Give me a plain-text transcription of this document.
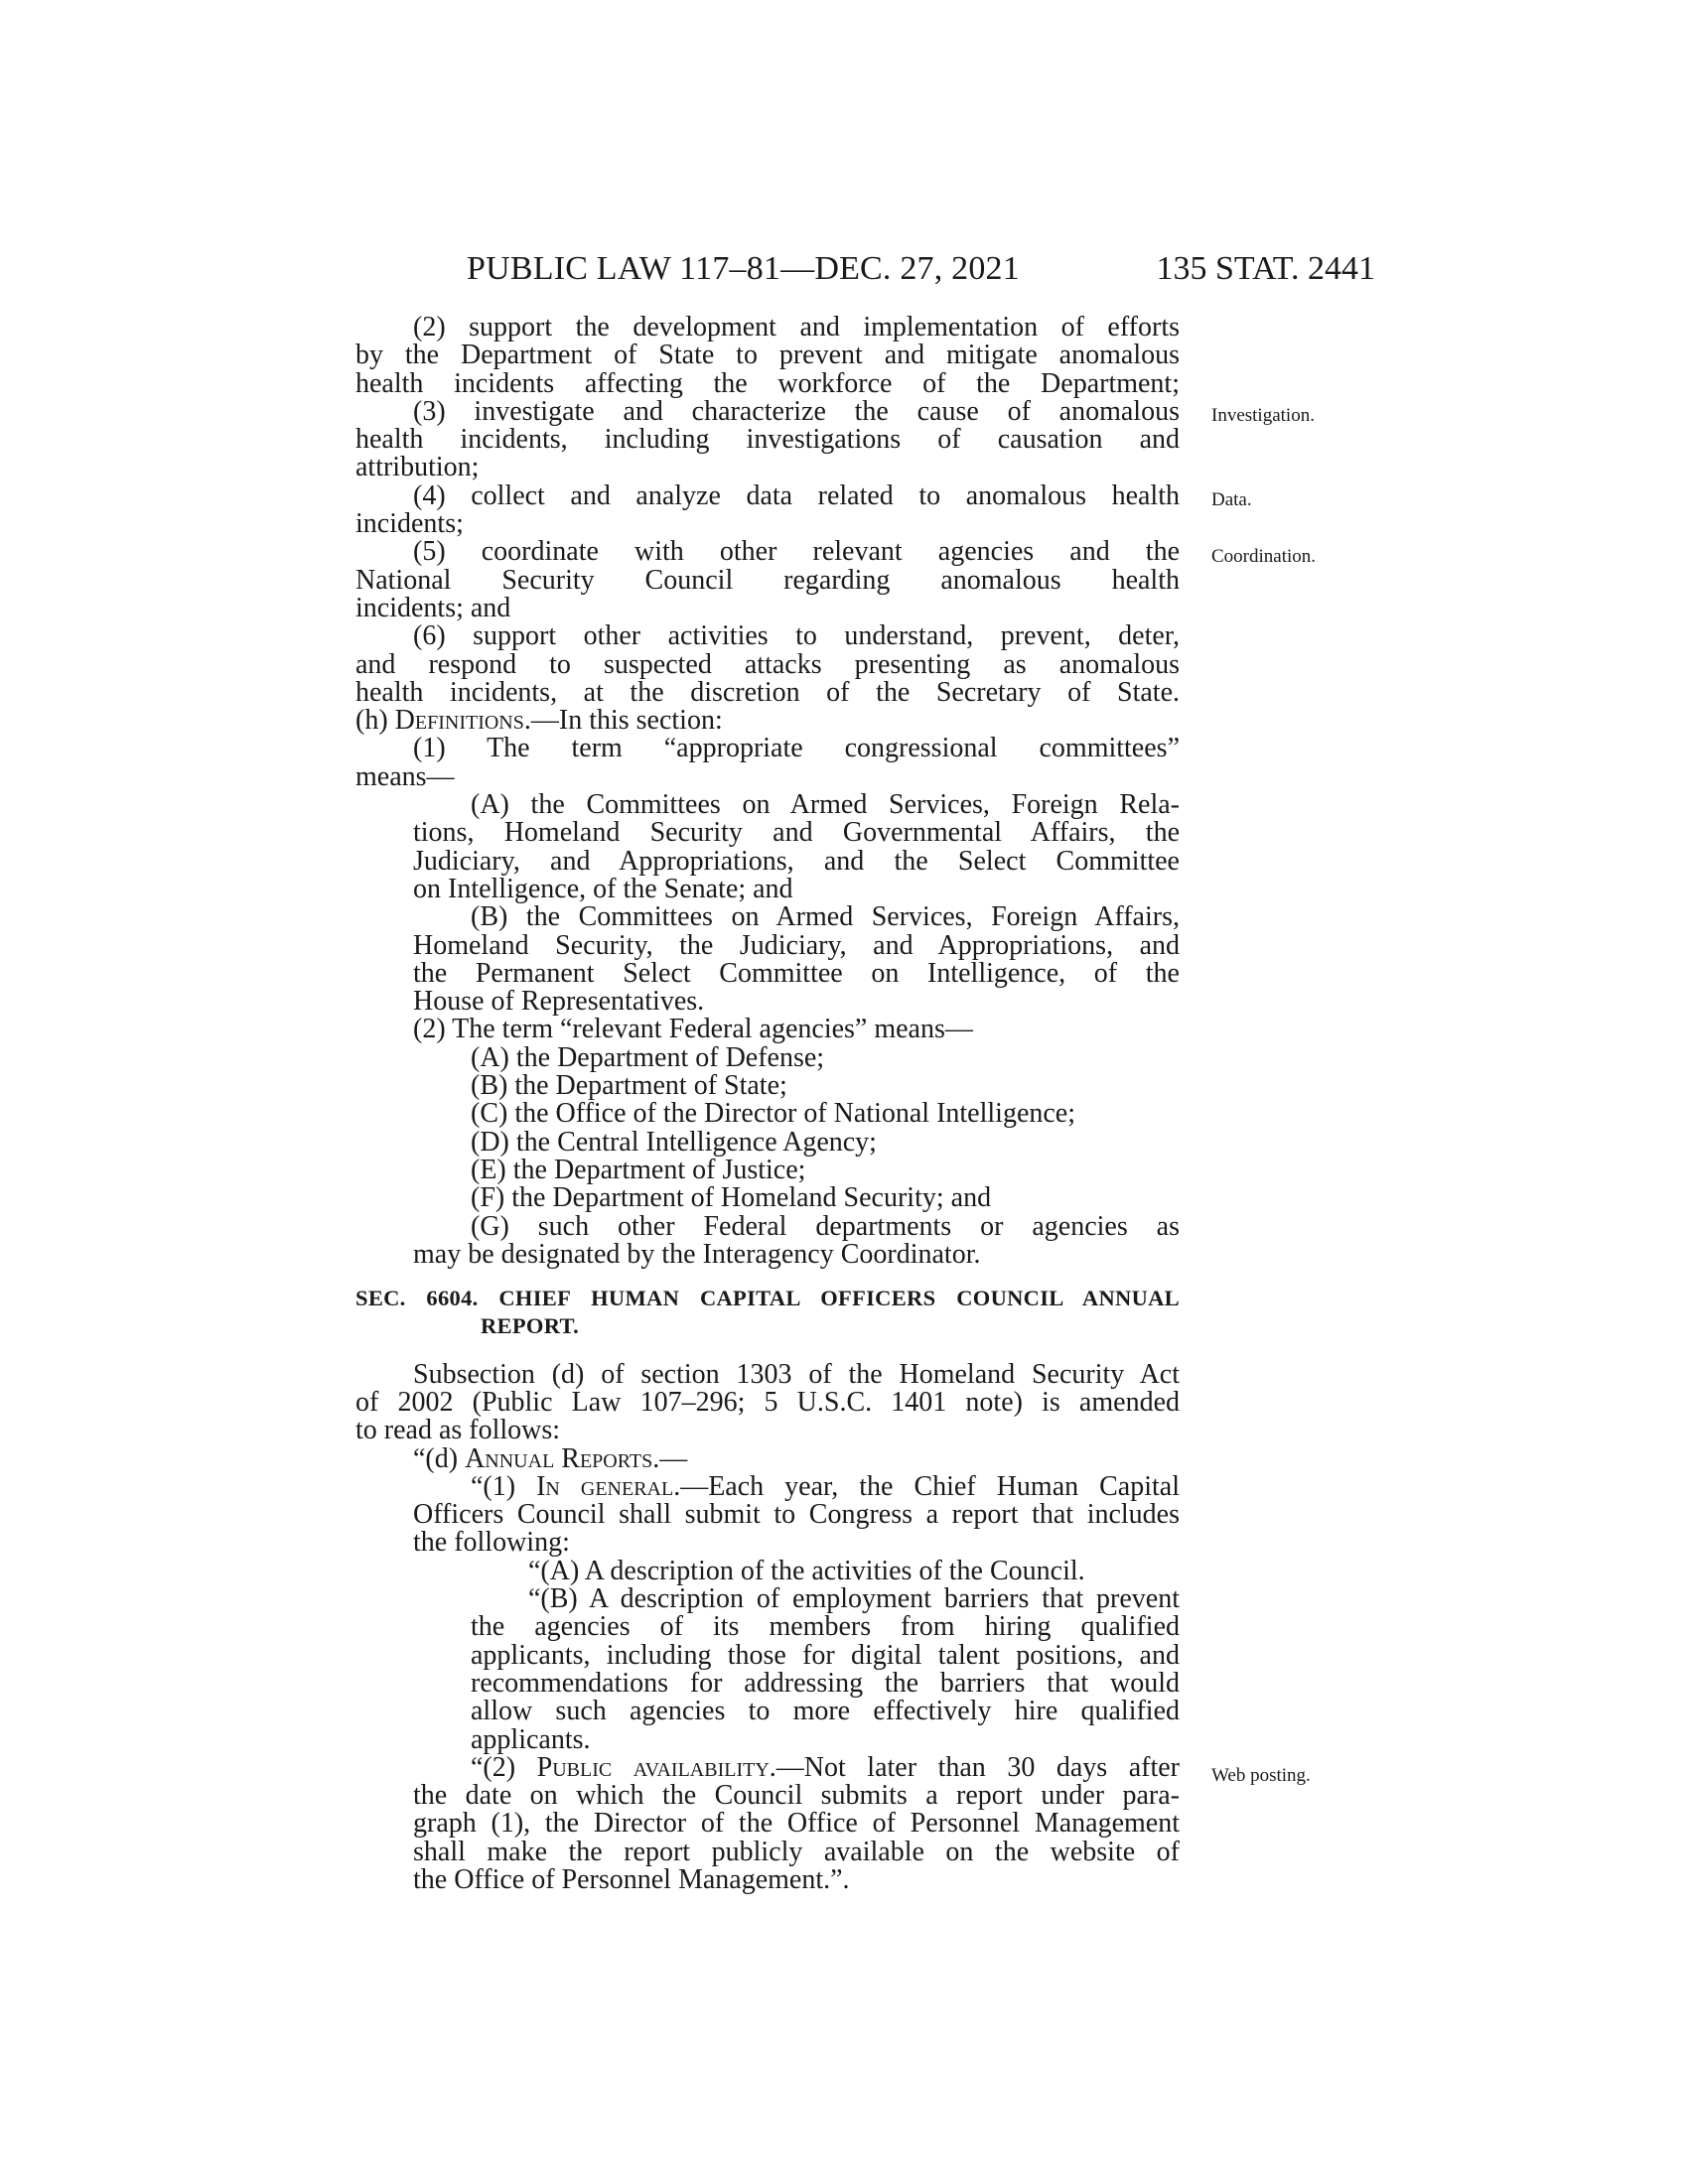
PUBLIC LAW 117–81—DEC. 27, 2021	135 STAT. 2441
Investigation.
Data.
Coordination.
Web posting.
(2) support the development and implementation of efforts
by the Department of State to prevent and mitigate anomalous
health incidents affecting the workforce of the Department;
(3) investigate and characterize the cause of anomalous
health incidents, including investigations of causation and
attribution;
(4) collect and analyze data related to anomalous health
incidents;
(5) coordinate with other relevant agencies and the
National Security Council regarding anomalous health
incidents; and
(6) support other activities to understand, prevent, deter,
and respond to suspected attacks presenting as anomalous
health incidents, at the discretion of the Secretary of State.
(h) Definitions.—In this section:
(1) The term “appropriate congressional committees”
means—
(A) the Committees on Armed Services, Foreign Rela-
tions, Homeland Security and Governmental Affairs, the
Judiciary, and Appropriations, and the Select Committee
on Intelligence, of the Senate; and
(B) the Committees on Armed Services, Foreign Affairs,
Homeland Security, the Judiciary, and Appropriations, and
the Permanent Select Committee on Intelligence, of the
House of Representatives.
(2) The term “relevant Federal agencies” means—
(A) the Department of Defense;
(B) the Department of State;
(C) the Office of the Director of National Intelligence;
(D) the Central Intelligence Agency;
(E) the Department of Justice;
(F) the Department of Homeland Security; and
(G) such other Federal departments or agencies as
may be designated by the Interagency Coordinator.
SEC. 6604. CHIEF HUMAN CAPITAL OFFICERS COUNCIL ANNUAL
REPORT.
Subsection (d) of section 1303 of the Homeland Security Act
of 2002 (Public Law 107–296; 5 U.S.C. 1401 note) is amended
to read as follows:
“(d) Annual Reports.—
“(1) In general.—Each year, the Chief Human Capital
Officers Council shall submit to Congress a report that includes
the following:
“(A) A description of the activities of the Council.
“(B) A description of employment barriers that prevent
the agencies of its members from hiring qualified
applicants, including those for digital talent positions, and
recommendations for addressing the barriers that would
allow such agencies to more effectively hire qualified
applicants.
“(2) Public availability.—Not later than 30 days after
the date on which the Council submits a report under para-
graph (1), the Director of the Office of Personnel Management
shall make the report publicly available on the website of
the Office of Personnel Management.”.
